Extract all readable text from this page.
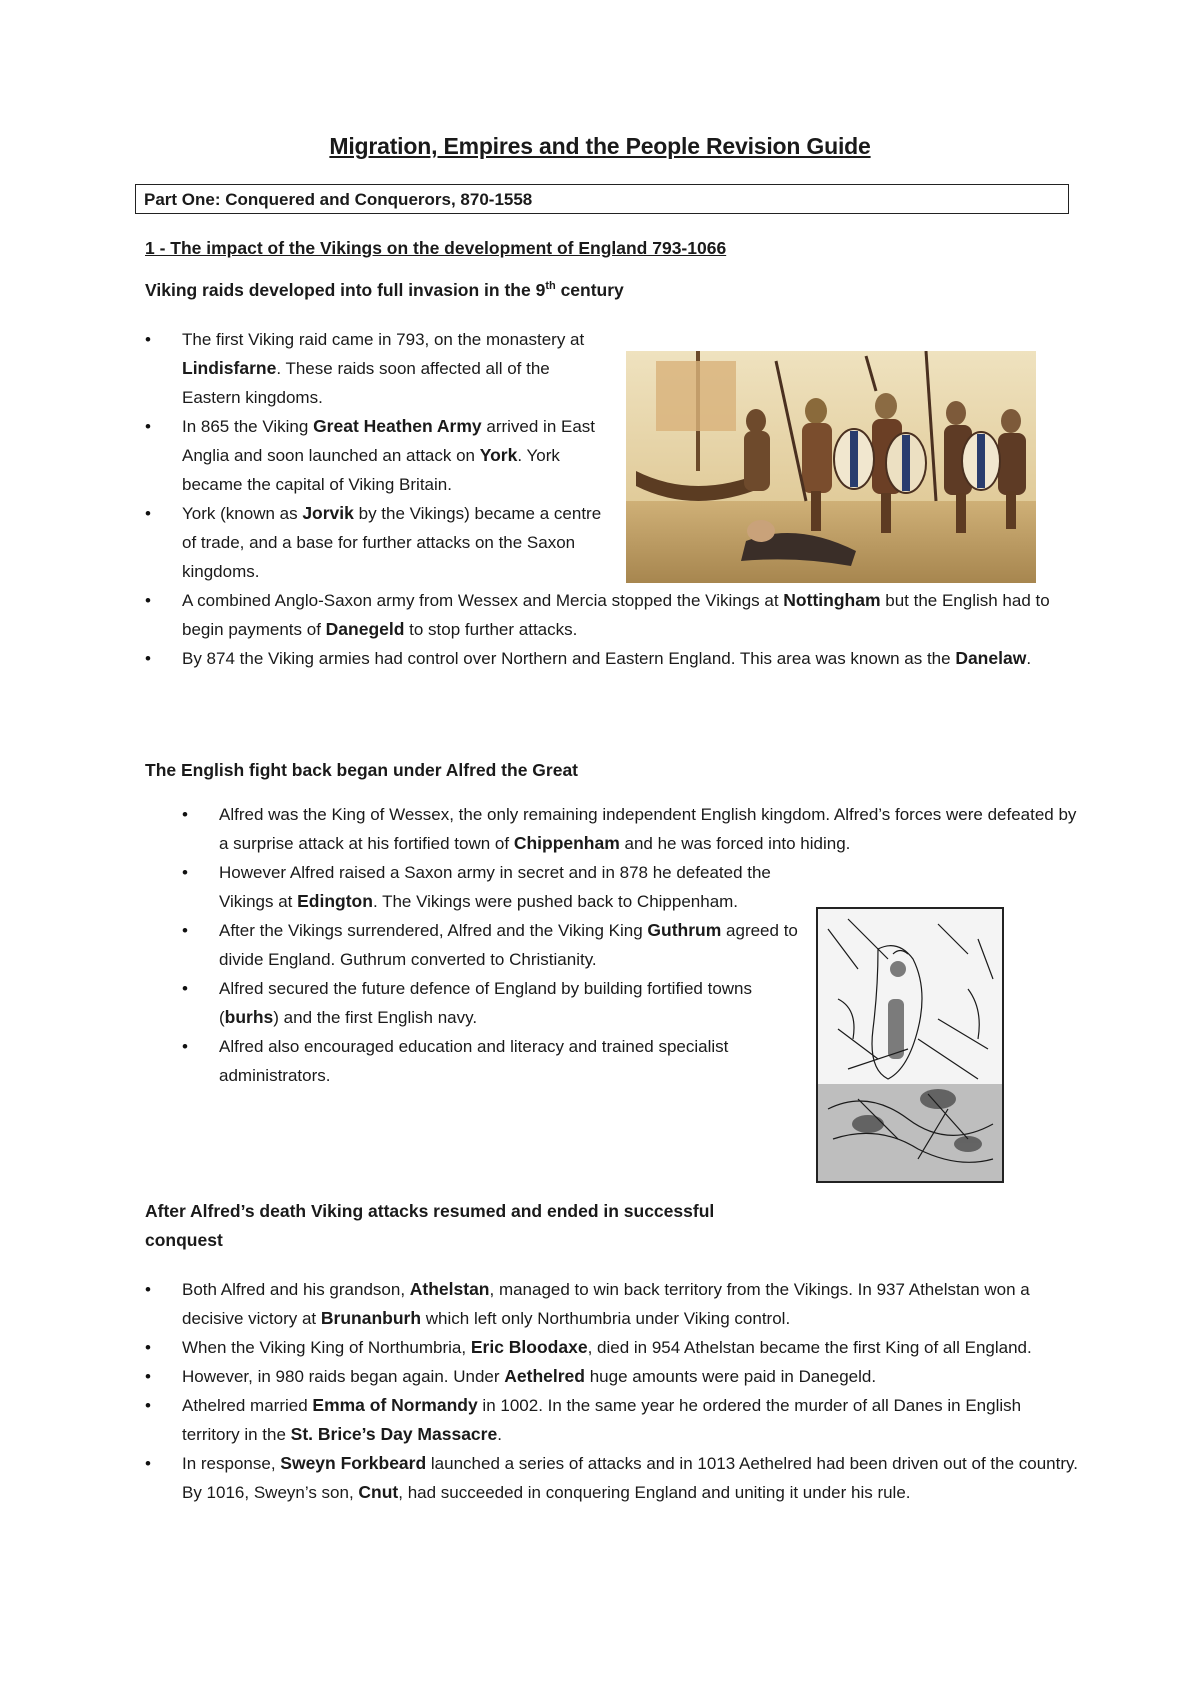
Migration, Empires and the People Revision Guide
Part One: Conquered and Conquerors, 870-1558
1 - The impact of the Vikings on the development of England 793-1066
Viking raids developed into full invasion in the 9th century
• The first Viking raid came in 793, on the monastery at Lindisfarne. These raids soon affected all of the Eastern kingdoms.
• In 865 the Viking Great Heathen Army arrived in East Anglia and soon launched an attack on York. York became the capital of Viking Britain.
• York (known as Jorvik by the Vikings) became a centre of trade, and a base for further attacks on the Saxon kingdoms.
• A combined Anglo-Saxon army from Wessex and Mercia stopped the Vikings at Nottingham but the English had to begin payments of Danegeld to stop further attacks.
• By 874 the Viking armies had control over Northern and Eastern England. This area was known as the Danelaw.
The English fight back began under Alfred the Great
• Alfred was the King of Wessex, the only remaining independent English kingdom. Alfred’s forces were defeated by a surprise attack at his fortified town of Chippenham and he was forced into hiding.
• However Alfred raised a Saxon army in secret and in 878 he defeated the Vikings at Edington. The Vikings were pushed back to Chippenham.
• After the Vikings surrendered, Alfred and the Viking King Guthrum agreed to divide England. Guthrum converted to Christianity.
• Alfred secured the future defence of England by building fortified towns (burhs) and the first English navy.
• Alfred also encouraged education and literacy and trained specialist administrators.
After Alfred’s death Viking attacks resumed and ended in successful conquest
• Both Alfred and his grandson, Athelstan, managed to win back territory from the Vikings. In 937 Athelstan won a decisive victory at Brunanburh which left only Northumbria under Viking control.
• When the Viking King of Northumbria, Eric Bloodaxe, died in 954 Athelstan became the first King of all England.
• However, in 980 raids began again. Under Aethelred huge amounts were paid in Danegeld.
• Athelred married Emma of Normandy in 1002. In the same year he ordered the murder of all Danes in English territory in the St. Brice’s Day Massacre.
• In response, Sweyn Forkbeard launched a series of attacks and in 1013 Aethelred had been driven out of the country. By 1016, Sweyn’s son, Cnut, had succeeded in conquering England and uniting it under his rule.
